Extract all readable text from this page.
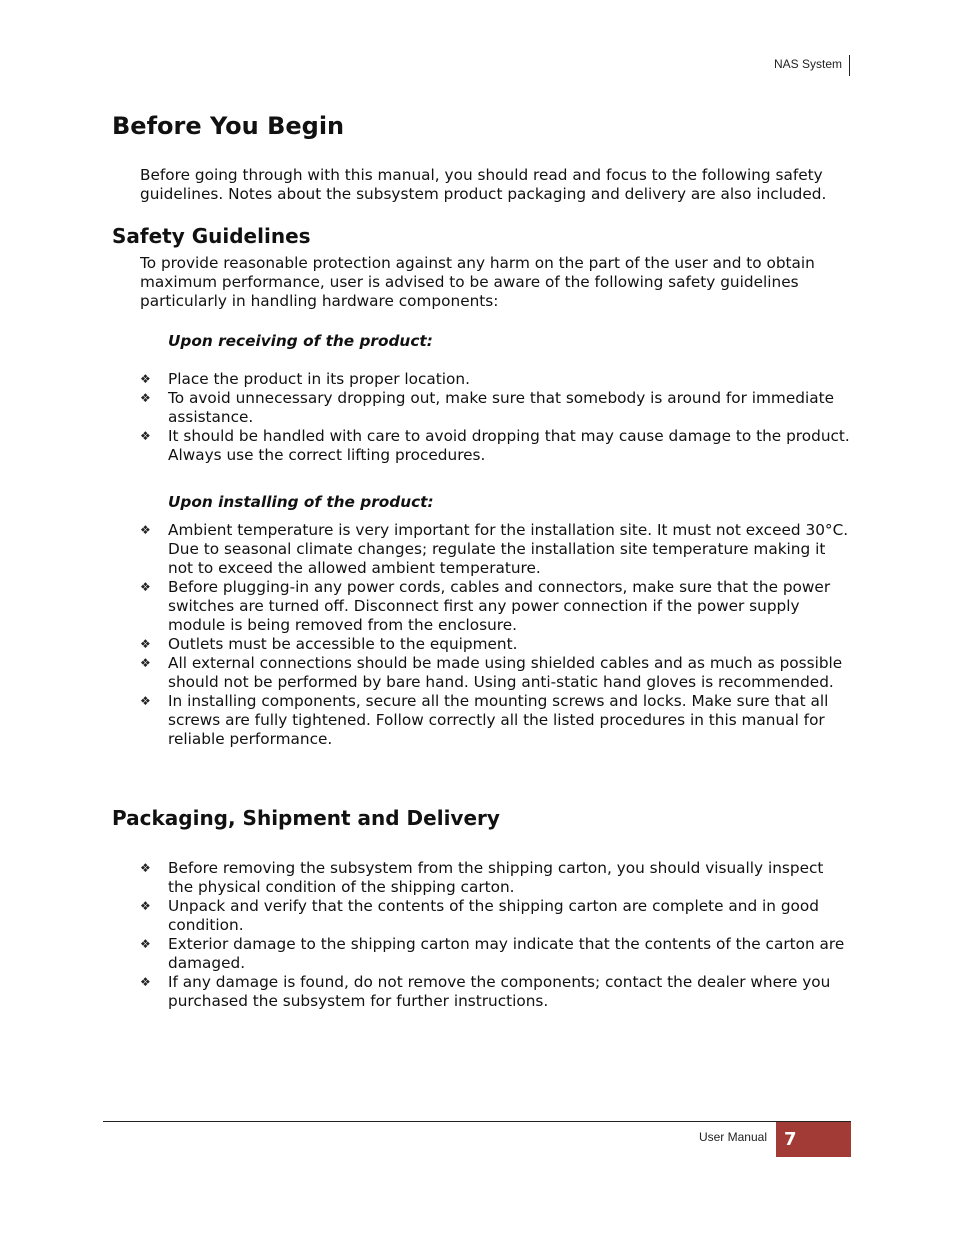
NAS System
Before You Begin
Before going through with this manual, you should read and focus to the following safety guidelines. Notes about the subsystem product packaging and delivery are also included.
Safety Guidelines
To provide reasonable protection against any harm on the part of the user and to obtain maximum performance, user is advised to be aware of the following safety guidelines particularly in handling hardware components:
Upon receiving of the product:
❖	Place the product in its proper location.
❖	To avoid unnecessary dropping out, make sure that somebody is around for immediate assistance.
❖	It should be handled with care to avoid dropping that may cause damage to the product. Always use the correct lifting procedures.
Upon installing of the product:
❖	Ambient temperature is very important for the installation site. It must not exceed 30°C. Due to seasonal climate changes; regulate the installation site temperature making it not to exceed the allowed ambient temperature.
❖	Before plugging-in any power cords, cables and connectors, make sure that the power switches are turned off. Disconnect first any power connection if the power supply module is being removed from the enclosure.
❖	Outlets must be accessible to the equipment.
❖	All external connections should be made using shielded cables and as much as possible should not be performed by bare hand. Using anti-static hand gloves is recommended.
❖	In installing components, secure all the mounting screws and locks. Make sure that all screws are fully tightened. Follow correctly all the listed procedures in this manual for reliable performance.
Packaging, Shipment and Delivery
❖	Before removing the subsystem from the shipping carton, you should visually inspect the physical condition of the shipping carton.
❖	Unpack and verify that the contents of the shipping carton are complete and in good condition.
❖	Exterior damage to the shipping carton may indicate that the contents of the carton are damaged.
❖	If any damage is found, do not remove the components; contact the dealer where you purchased the subsystem for further instructions.
User Manual 7
